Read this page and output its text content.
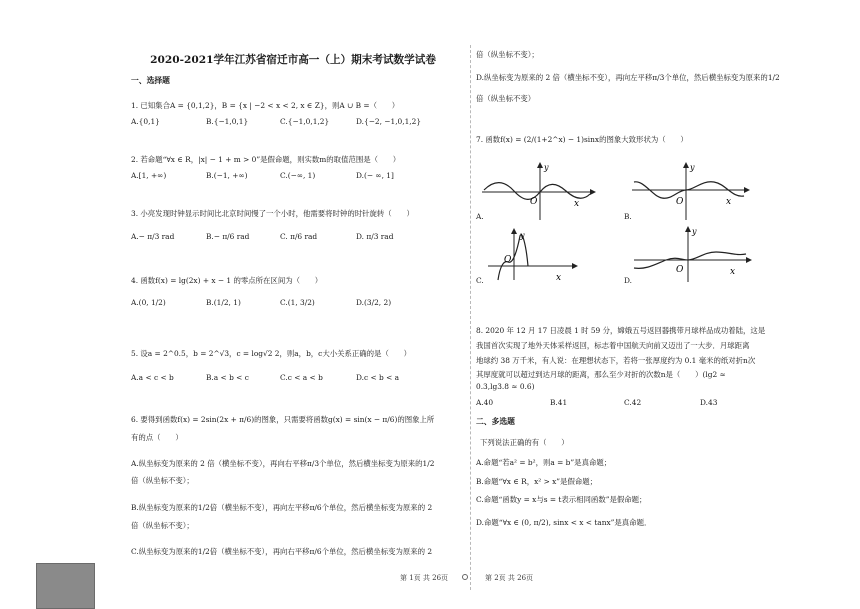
2020-2021学年江苏省宿迁市高一（上）期末考试数学试卷
一、选择题
1. 已知集合A = {0,1,2}，B = {x | −2 < x < 2, x ∈ Z}，则A ∪ B =（　　）
A.{0,1}	B.{−1,0,1}	C.{−1,0,1,2}	D.{−2, −1,0,1,2}
2. 若命题“∀x ∈ R，|x| − 1 + m > 0”是假命题，则实数m的取值范围是（　　）
A.[1, +∞)	B.(−1, +∞)	C.(−∞, 1)	D.(− ∞, 1]
3. 小亮发现时钟显示时间比北京时间慢了一个小时，他需要将时钟的时针旋转（　　）
A.− π/3 rad	B.− π/6 rad	C. π/6 rad	D. π/3 rad
4. 函数f(x) = lg(2x) + x − 1 的零点所在区间为（　　）
A.(0, 1/2)	B.(1/2, 1)	C.(1, 3/2)	D.(3/2, 2)
5. 设a = 2^0.5，b = 2^√3，c = log√2 2，则a，b，c大小关系正确的是（　　）
A.a < c < b	B.a < b < c	C.c < a < b	D.c < b < a
6. 要得到函数f(x) = 2sin(2x + π/6)的图象，只需要将函数g(x) = sin(x − π/6)的图象上所
有的点（　　）
A.纵坐标变为原来的 2 倍（横坐标不变），再向右平移π/3个单位，然后横坐标变为原来的1/2
倍（纵坐标不变）；
B.纵坐标变为原来的1/2倍（横坐标不变），再向左平移π/6个单位，然后横坐标变为原来的 2
倍（纵坐标不变）；
C.纵坐标变为原来的1/2倍（横坐标不变），再向右平移π/6个单位，然后横坐标变为原来的 2
倍（纵坐标不变）；
D.纵坐标变为原来的 2 倍（横坐标不变），再向左平移π/3个单位，然后横坐标变为原来的1/2
倍（纵坐标不变）
7. 函数f(x) = (2/(1+2^x) − 1)sinx的图象大致形状为（　　）
y
O	x
A.
y
O	x
B.
y
O
x
C.
y
O	x
D.
8. 2020 年 12 月 17 日凌晨 1 时 59 分，嫦娥五号返回器携带月球样品成功着陆，这是
我国首次实现了地外天体采样返回，标志着中国航天向前又迈出了一大步．月球距离
地球约 38 万千米，有人说：在理想状态下，若将一张厚度约为 0.1 毫米的纸对折n次
其厚度就可以超过到达月球的距离，那么至少对折的次数n是（　　）(lg2 ≈
0.3,lg3.8 ≈ 0.6)
A.40	B.41	C.42	D.43
二、多选题
下列说法正确的有（　　）
A.命题“若a² = b²，则a = b”是真命题；
B.命题“∀x ∈ R，x² > x”是假命题；
C.命题“函数y = x与s = t表示相同函数”是假命题；
D.命题“∀x ∈ (0, π/2), sinx < x < tanx”是真命题．
第 1页 共 26页	第 2页 共 26页
